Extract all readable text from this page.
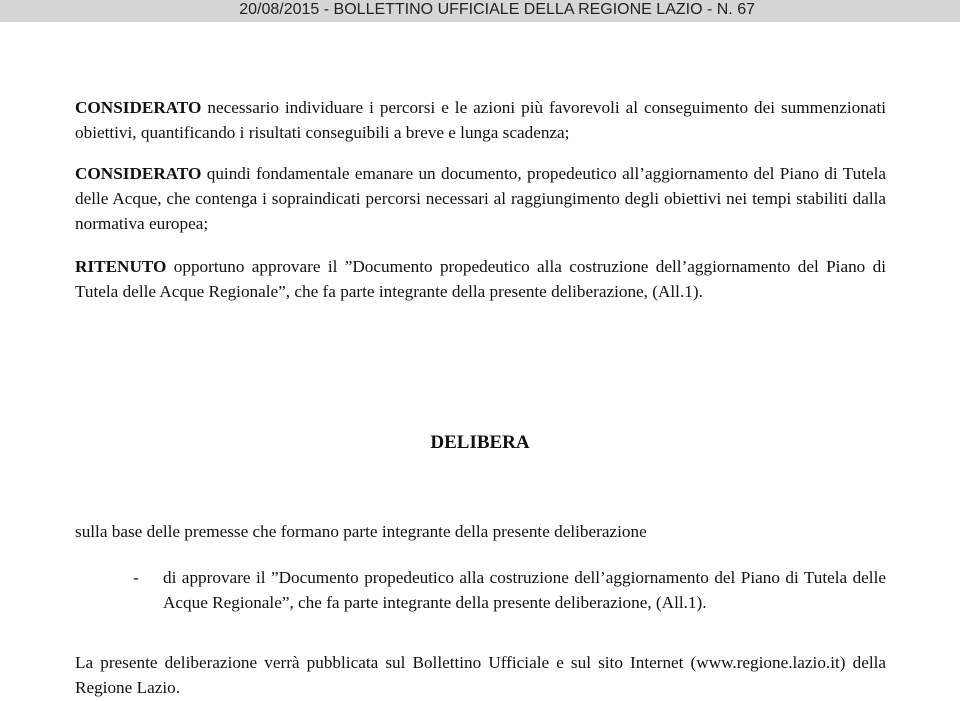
20/08/2015 - BOLLETTINO UFFICIALE DELLA REGIONE LAZIO - N. 67
CONSIDERATO necessario individuare i percorsi e le azioni più favorevoli al conseguimento dei summenzionati obiettivi, quantificando i risultati conseguibili a breve e lunga scadenza;
CONSIDERATO quindi fondamentale emanare un documento, propedeutico all’aggiornamento del Piano di Tutela delle Acque, che contenga i sopraindicati percorsi necessari al raggiungimento degli obiettivi nei tempi stabiliti dalla normativa europea;
RITENUTO opportuno approvare il ”Documento propedeutico alla costruzione dell’aggiornamento del Piano di Tutela delle Acque Regionale”, che fa parte integrante della presente deliberazione, (All.1).
DELIBERA
sulla base delle premesse che formano parte integrante della presente deliberazione
- di approvare il ”Documento propedeutico alla costruzione dell’aggiornamento del Piano di Tutela delle Acque Regionale”, che fa parte integrante della presente deliberazione, (All.1).
La presente deliberazione verrà pubblicata sul Bollettino Ufficiale e sul sito Internet (www.regione.lazio.it) della Regione Lazio.
